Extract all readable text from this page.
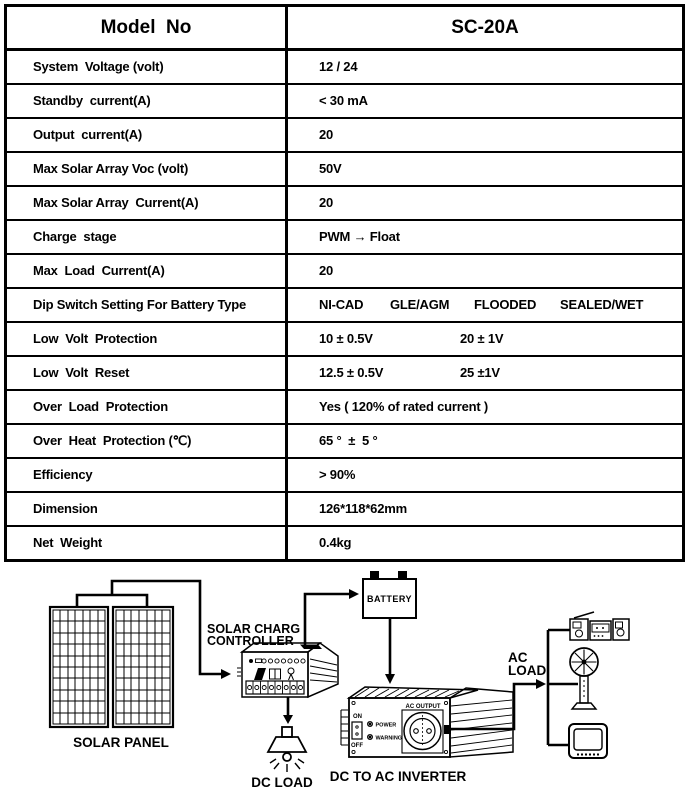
Model  No	SC-20A
System  Voltage (volt)	12 / 24
Standby  current(A)	< 30 mA
Output  current(A)	20
Max Solar Array Voc (volt)	50V
Max Solar Array  Current(A)	20
Charge  stage	PWM → Float
Max  Load  Current(A)	20
Dip Switch Setting For Battery Type	NI-CAD GLE/AGM FLOODED SEALED/WET
Low  Volt  Protection	10 ± 0.5V	20 ± 1V
Low  Volt  Reset	12.5 ± 0.5V	25 ±1V
Over  Load  Protection	Yes ( 120% of rated current )
Over  Heat  Protection (℃)	65 °  ±  5 °
Efficiency	> 90%
Dimension	126*118*62mm
Net  Weight	0.4kg
SOLAR PANEL
SOLAR CHARG
CONTROLLER
BATTERY
DC LOAD
AC OUTPUT
ON
OFF
POWER
WARNING
DC TO AC INVERTER
AC
LOAD
